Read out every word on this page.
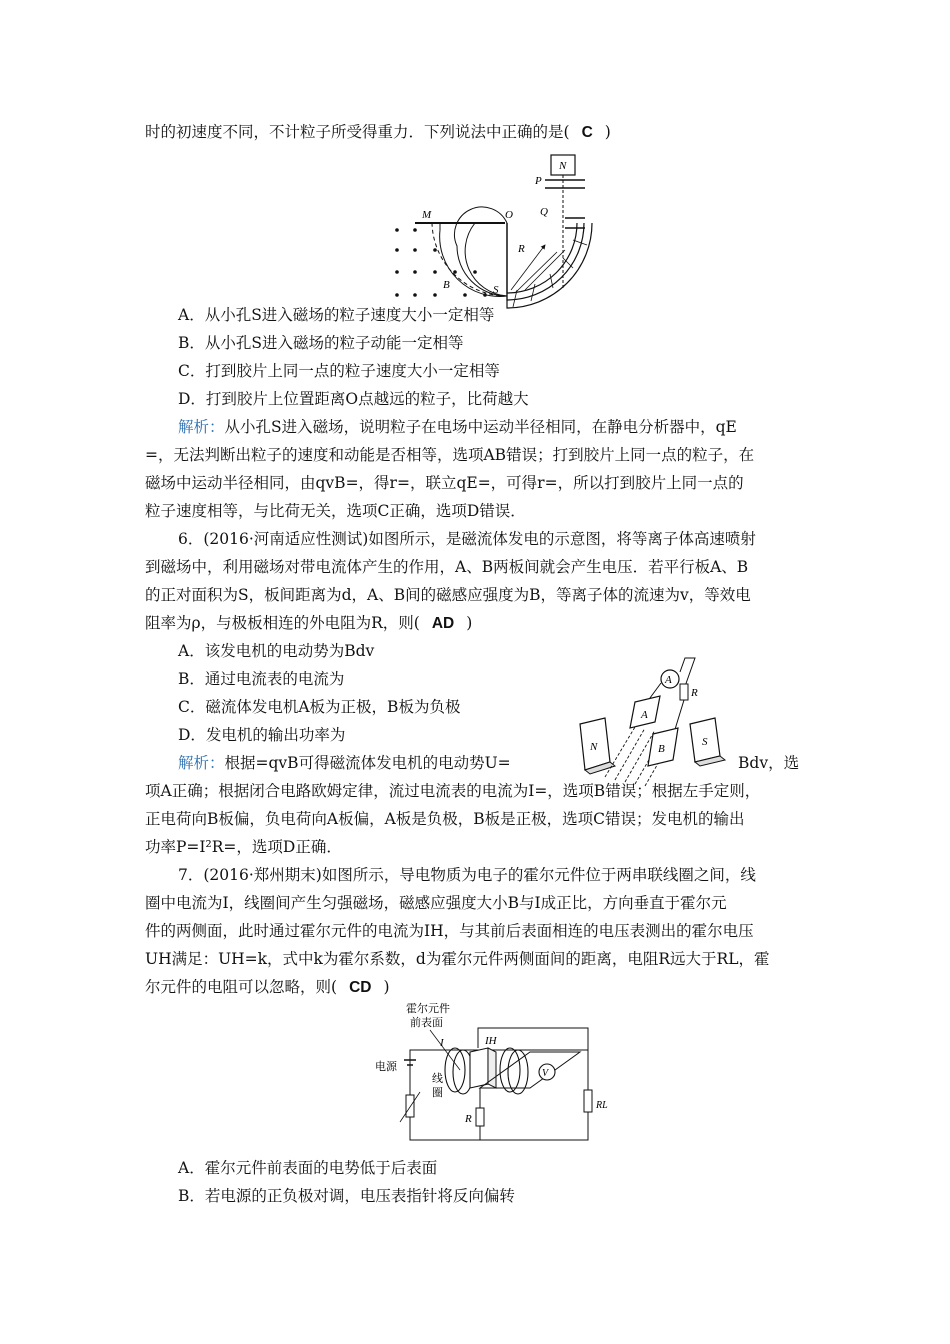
时的初速度不同，不计粒子所受得重力．下列说法中正确的是( C )
N
P
M	O Q
R
B	S
A．从小孔S进入磁场的粒子速度大小一定相等
B．从小孔S进入磁场的粒子动能一定相等
C．打到胶片上同一点的粒子速度大小一定相等
D．打到胶片上位置距离O点越远的粒子，比荷越大
解析：从小孔S进入磁场，说明粒子在电场中运动半径相同，在静电分析器中，qE
=，无法判断出粒子的速度和动能是否相等，选项AB错误；打到胶片上同一点的粒子，在
磁场中运动半径相同，由qvB=，得r=，联立qE=，可得r=，所以打到胶片上同一点的
粒子速度相等，与比荷无关，选项C正确，选项D错误．
6．(2016·河南适应性测试)如图所示，是磁流体发电的示意图，将等离子体高速喷射
到磁场中，利用磁场对带电流体产生的作用，A、B两板间就会产生电压．若平行板A、B
的正对面积为S，板间距离为d，A、B间的磁感应强度为B，等离子体的流速为v，等效电
阻率为ρ，与极板相连的外电阻为R，则( AD )
A．该发电机的电动势为Bdv
B．通过电流表的电流为
C．磁流体发电机A板为正极，B板为负极
D．发电机的输出功率为
A
R
A
N	S
B
解析：根据=qvB可得磁流体发电机的电动势U=	Bdv，选
项A正确；根据闭合电路欧姆定律，流过电流表的电流为I=，选项B错误；根据左手定则，
正电荷向B板偏，负电荷向A板偏，A板是负极，B板是正极，选项C错误；发电机的输出
功率P=I²R=，选项D正确．
7．(2016·郑州期末)如图所示，导电物质为电子的霍尔元件位于两串联线圈之间，线
圈中电流为I，线圈间产生匀强磁场，磁感应强度大小B与I成正比，方向垂直于霍尔元
件的两侧面，此时通过霍尔元件的电流为IH，与其前后表面相连的电压表测出的霍尔电压
UH满足：UH=k，式中k为霍尔系数，d为霍尔元件两侧面间的距离，电阻R远大于RL，霍
尔元件的电阻可以忽略，则( CD )
霍尔元件
前表面
IH
I
电源
线
圈
V
R
RL
A．霍尔元件前表面的电势低于后表面
B．若电源的正负极对调，电压表指针将反向偏转
